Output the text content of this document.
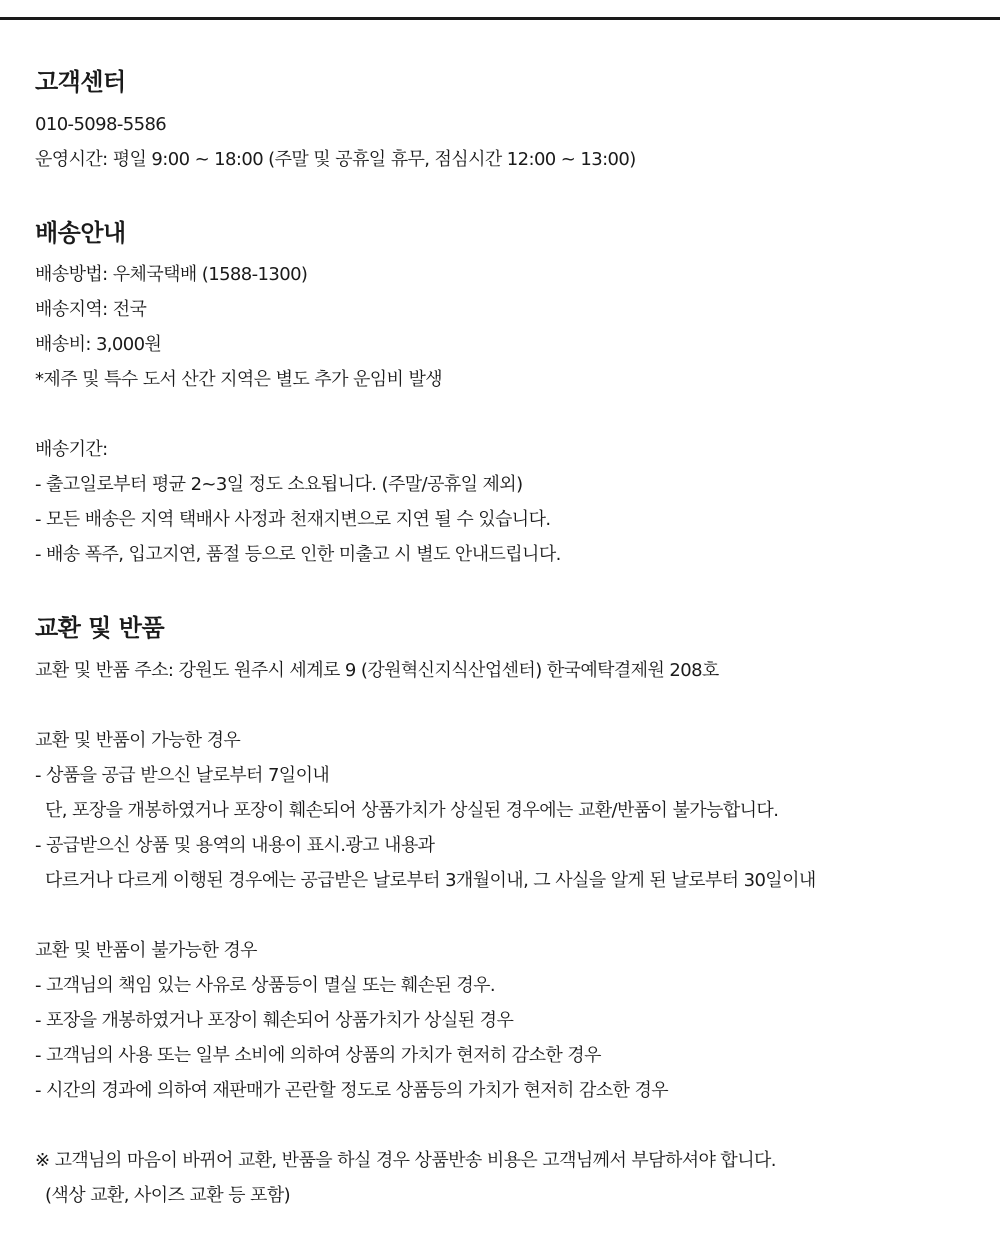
고객센터
010-5098-5586
운영시간: 평일 9:00 ~ 18:00 (주말 및 공휴일 휴무, 점심시간 12:00 ~ 13:00)
배송안내
배송방법: 우체국택배 (1588-1300)
배송지역: 전국
배송비: 3,000원
*제주 및 특수 도서 산간 지역은 별도 추가 운임비 발생
배송기간:
- 출고일로부터 평균 2~3일 정도 소요됩니다. (주말/공휴일 제외)
- 모든 배송은 지역 택배사 사정과 천재지변으로 지연 될 수 있습니다.
- 배송 폭주, 입고지연, 품절 등으로 인한 미출고 시 별도 안내드립니다.
교환 및 반품
교환 및 반품 주소: 강원도 원주시 세계로 9 (강원혁신지식산업센터) 한국예탁결제원 208호
교환 및 반품이 가능한 경우
- 상품을 공급 받으신 날로부터 7일이내
단, 포장을 개봉하였거나 포장이 훼손되어 상품가치가 상실된 경우에는 교환/반품이 불가능합니다.
- 공급받으신 상품 및 용역의 내용이 표시.광고 내용과
다르거나 다르게 이행된 경우에는 공급받은 날로부터 3개월이내, 그 사실을 알게 된 날로부터 30일이내
교환 및 반품이 불가능한 경우
- 고객님의 책임 있는 사유로 상품등이 멸실 또는 훼손된 경우.
- 포장을 개봉하였거나 포장이 훼손되어 상품가치가 상실된 경우
- 고객님의 사용 또는 일부 소비에 의하여 상품의 가치가 현저히 감소한 경우
- 시간의 경과에 의하여 재판매가 곤란할 정도로 상품등의 가치가 현저히 감소한 경우
※ 고객님의 마음이 바뀌어 교환, 반품을 하실 경우 상품반송 비용은 고객님께서 부담하셔야 합니다.
(색상 교환, 사이즈 교환 등 포함)
